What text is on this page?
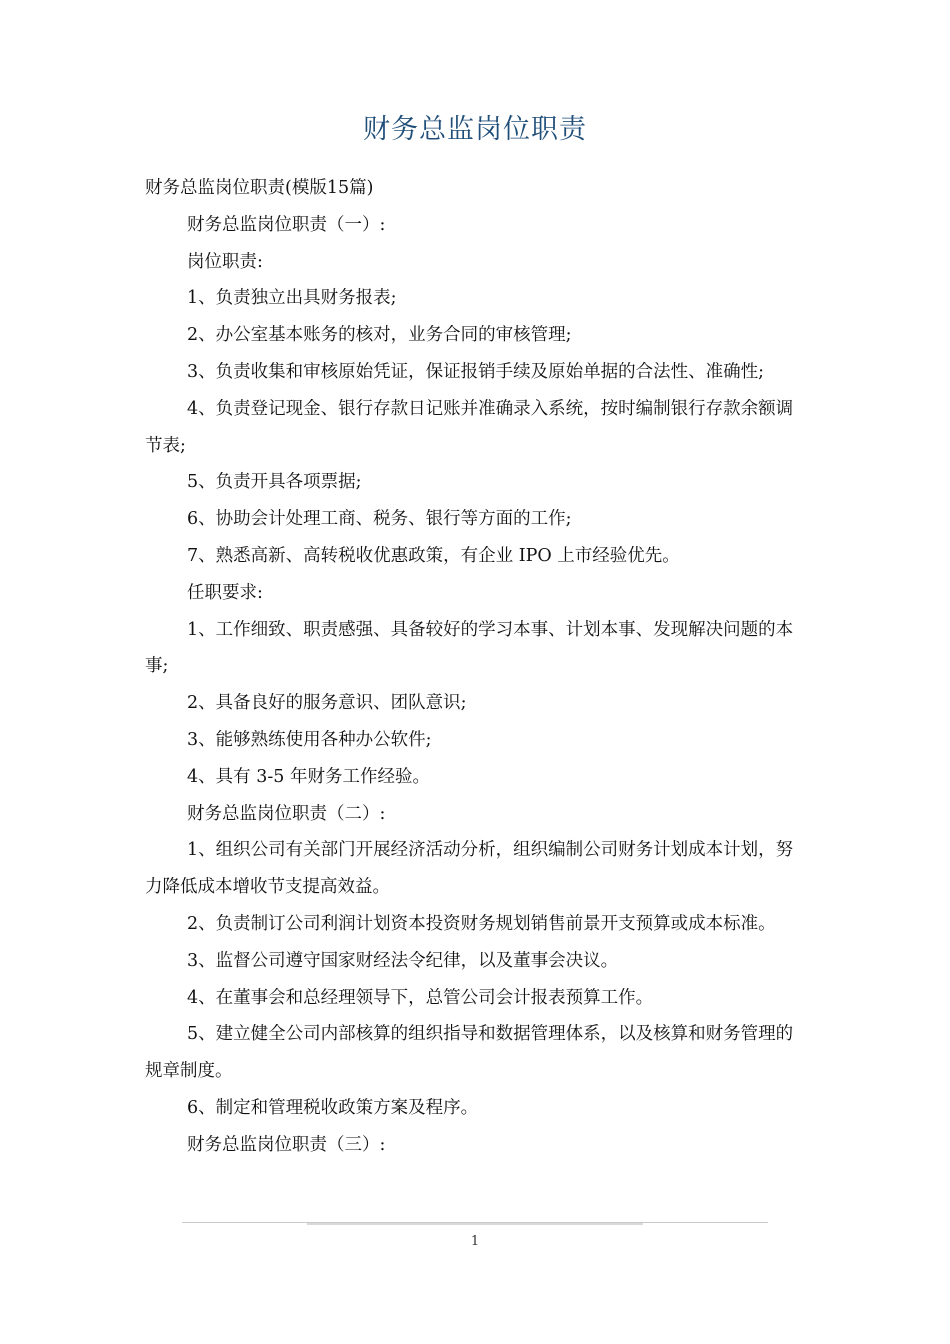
财务总监岗位职责

财务总监岗位职责(模版15篇)

财务总监岗位职责（一）:

岗位职责:

1、负责独立出具财务报表;

2、办公室基本账务的核对，业务合同的审核管理;

3、负责收集和审核原始凭证，保证报销手续及原始单据的合法性、准确性;

4、负责登记现金、银行存款日记账并准确录入系统，按时编制银行存款余额调节表;

5、负责开具各项票据;

6、协助会计处理工商、税务、银行等方面的工作;

7、熟悉高新、高转税收优惠政策，有企业 IPO 上市经验优先。

任职要求:

1、工作细致、职责感强、具备较好的学习本事、计划本事、发现解决问题的本事;

2、具备良好的服务意识、团队意识;

3、能够熟练使用各种办公软件;

4、具有 3-5 年财务工作经验。

财务总监岗位职责（二）:

1、组织公司有关部门开展经济活动分析，组织编制公司财务计划成本计划，努力降低成本增收节支提高效益。

2、负责制订公司利润计划资本投资财务规划销售前景开支预算或成本标准。

3、监督公司遵守国家财经法令纪律，以及董事会决议。

4、在董事会和总经理领导下，总管公司会计报表预算工作。

5、建立健全公司内部核算的组织指导和数据管理体系，以及核算和财务管理的规章制度。

6、制定和管理税收政策方案及程序。

财务总监岗位职责（三）:

1
